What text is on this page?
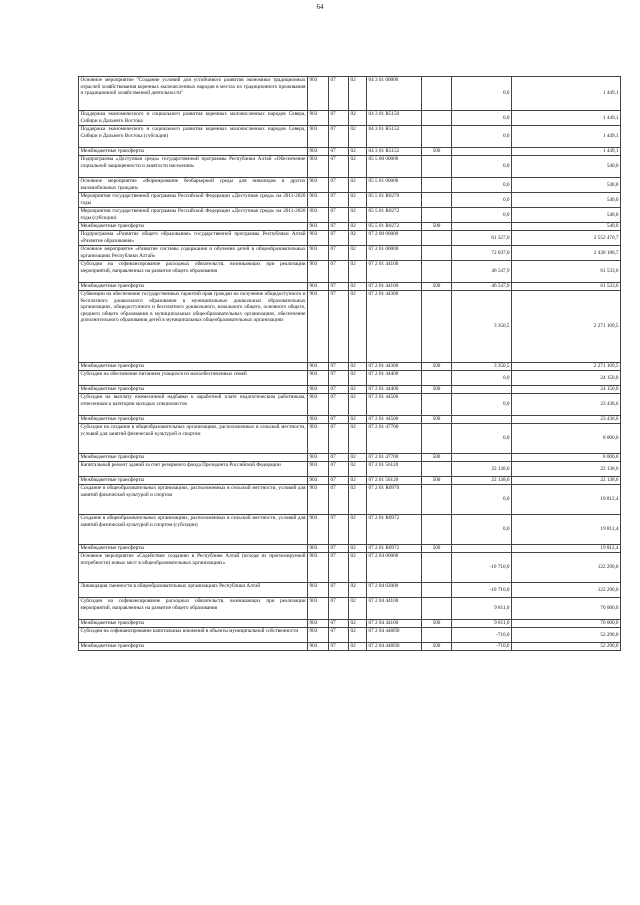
64
Основное мероприятие "Создание условий для устойчивого развития экономики традиционных отраслей хозяйствования коренных малочисленных народов в местах их традиционного проживания и традиционной хозяйственной деятельности"	903	07	02	04 3 01 00000		0,0	1 449,1
Поддержка экономического и социального развития коренных малочисленных народов Севера, Сибири и Дальнего Востока	903	07	02	04 3 01 R5150		0,0	1 449,1
Поддержка экономического и социального развития коренных малочисленных народов Севера, Сибири и Дальнего Востока (субсидии)	903	07	02	04 3 01 R5152		0,0	1 449,1
Межбюджетные трансферты	903	07	02	04 3 01 R5152	500		1 449,1
Подпрограмма «Доступная среда» государственной программы Республики Алтай «Обеспечение социальной защищенности и занятости населения»	903	07	02	05 5 00 00000		0,0	540,0
Основное мероприятие «Формирование безбарьерной среды для инвалидов и других маломобильных граждан»	903	07	02	05 5 01 00000		0,0	540,0
Мероприятия государственной программы Российской Федерации «Доступная среда» на 2011-2020 годы	903	07	02	05 5 01 R0270		0,0	540,0
Мероприятия государственной программы Российской Федерации «Доступная среда» на 2011-2020 годы (субсидии)	903	07	02	05 5 01 R0272		0,0	540,0
Межбюджетные трансферты	903	07	02	05 5 01 R0272	500		540,0
Подпрограмма «Развитие общего образования» государственной программы Республики Алтай «Развитие образования»	903	07	02	07 2 00 00000		61 327,0	2 552 470,7
Основное мероприятие «Развитие системы содержания и обучения детей в общеобразовательных организациях Республики Алтай»	903	07	02	07 2 01 00000		72 037,0	2 430 180,7
Субсидии на софинансирование расходных обязательств, возникающих при реализации мероприятий, направленных на развитие общего образования	903	07	02	07 2 01 44100		46 547,9	61 533,6
Межбюджетные трансферты	903	07	02	07 2 01 44100	500	46 547,9	61 533,6
Субвенции на обеспечение государственных гарантий прав граждан на получение общедоступного и бесплатного дошкольного образования в муниципальных дошкольных образовательных организациях, общедоступного и бесплатного дошкольного, начального общего, основного общего, среднего общего образования в муниципальных общеобразовательных организациях, обеспечение дополнительного образования детей в муниципальных общеобразовательных организациях	903	07	02	07 2 01 44300		3 350,5	2 271 109,5
Межбюджетные трансферты	903	07	02	07 2 01 44300	500	3 350,5	2 271 109,5
Субсидии на обеспечение питанием учащихся из малообеспеченных семей	903	07	02	07 2 01 44400		0,0	24 150,0
Межбюджетные трансферты	903	07	02	07 2 01 44400	500		24 150,0
Субсидии на выплату ежемесячной надбавки к заработной плате педагогическим работникам, отнесенным к категории молодых специалистов	903	07	02	07 2 01 44500		0,0	23 436,6
Межбюджетные трансферты	903	07	02	07 2 01 44500	500		23 436,6
Субсидии на создание в общеобразовательных организациях, расположенных в сельской местности, условий для занятий физической культурой и спортом	903	07	02	07 2 01 47700		0,0	8 000,0
Межбюджетные трансферты	903	07	02	07 2 01 47700	500		8 000,0
Капитальный ремонт зданий за счет резервного фонда Президента Российской Федерации	903	07	02	07 2 01 56120		22 138,6	22 138,6
Межбюджетные трансферты	903	07	02	07 2 01 56120	500	22 138,6	22 138,6
Создание в общеобразовательных организациях, расположенных в сельской местности, условий для занятий физической культурой и спортом	903	07	02	07 2 01 R0970		0,0	19 812,4
Создание в общеобразовательных организациях, расположенных в сельской местности, условий для занятий физической культурой и спортом (субсидии)	903	07	02	07 2 01 R0972		0,0	19 812,4
Межбюджетные трансферты	903	07	02	07 2 01 R0972	500		19 812,4
Основное мероприятие «Содействие созданию в Республике Алтай (исходя из прогнозируемой потребности) новых мест в общеобразовательных организациях»	903	07	02	07 2 04 00000		-10 710,0	122 290,0
Ликвидация сменности в общеобразовательных организациях Республики Алтай	903	07	02	07 2 04 02000		-10 710,0	122 290,0
Субсидии на софинансирование расходных обязательств, возникающих при реализации мероприятий, направленных на развитие общего образования	903	07	02	07 2 04 44100		9 811,0	70 000,0
Межбюджетные трансферты	903	07	02	07 2 04 44100	500	9 811,0	70 000,0
Субсидии на софинансирование капитальных вложений в объекты муниципальной собственности	903	07	02	07 2 04 448П0		-710,0	52 290,0
Межбюджетные трансферты	903	07	02	07 2 04 448П0	500	-710,0	52 290,0
